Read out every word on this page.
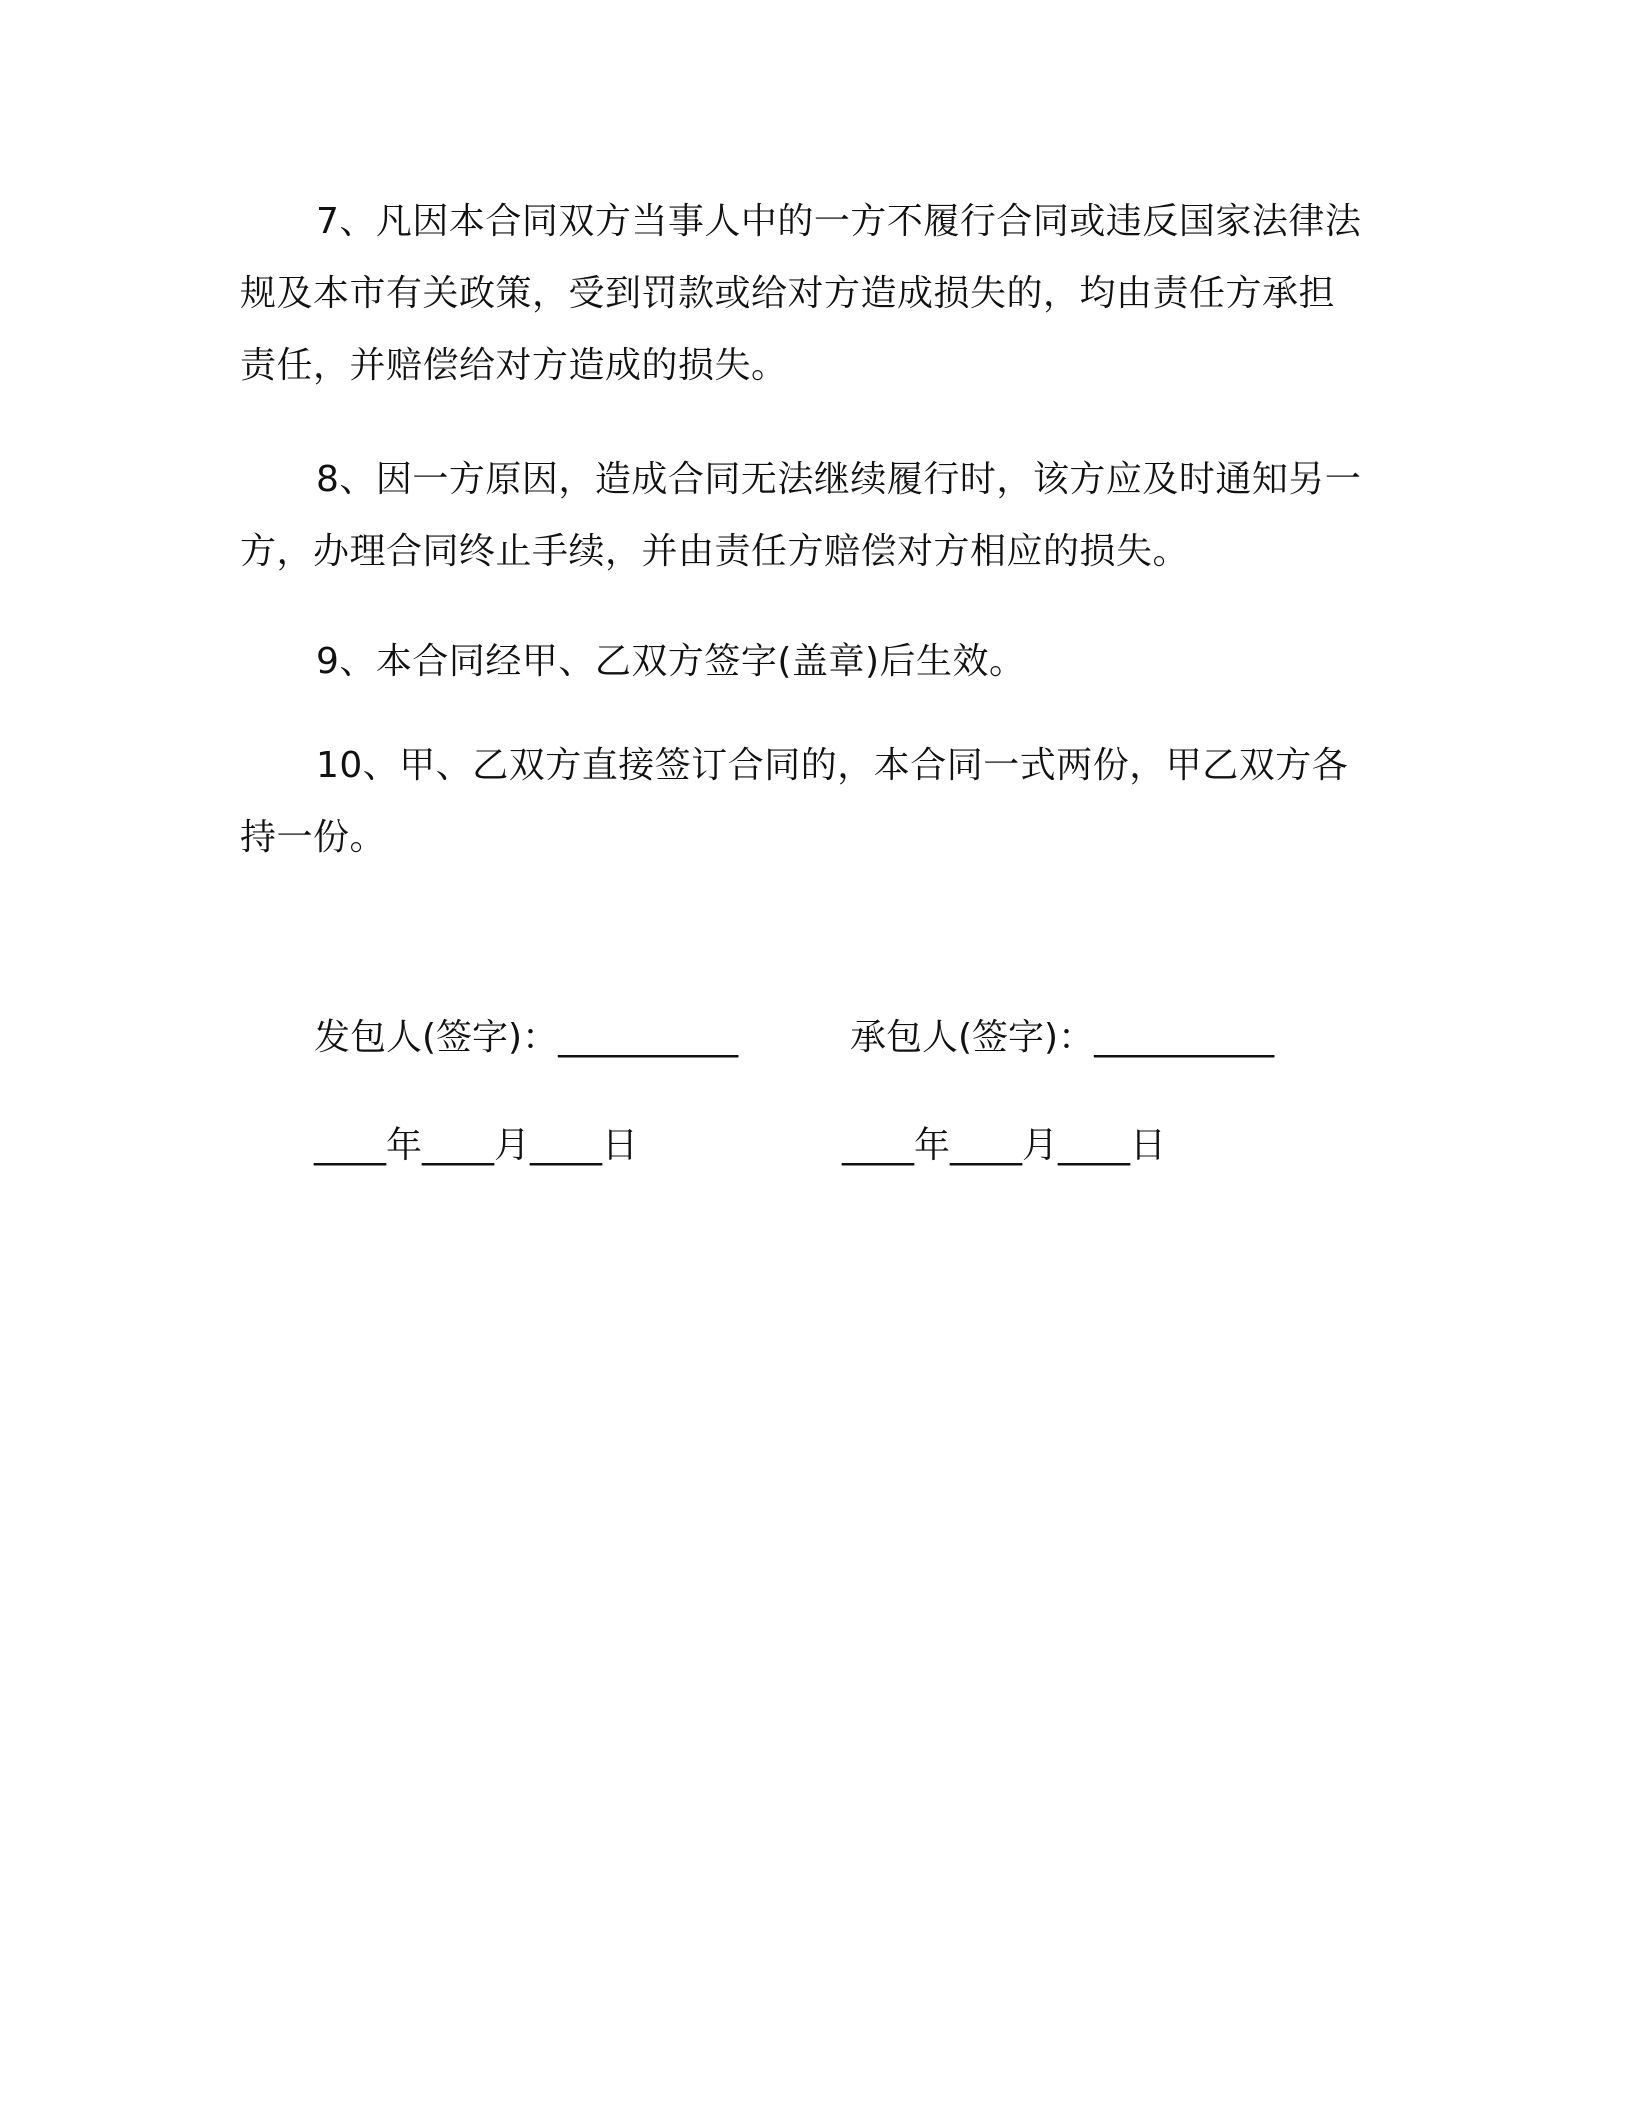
7、凡因本合同双方当事人中的一方不履行合同或违反国家法律法规及本市有关政策，受到罚款或给对方造成损失的，均由责任方承担责任，并赔偿给对方造成的损失。

8、因一方原因，造成合同无法继续履行时，该方应及时通知另一方，办理合同终止手续，并由责任方赔偿对方相应的损失。

9、本合同经甲、乙双方签字(盖章)后生效。

10、甲、乙双方直接签订合同的，本合同一式两份，甲乙双方各持一份。

发包人(签字)：__________	承包人(签字)：__________

____年____月____日	____年____月____日
